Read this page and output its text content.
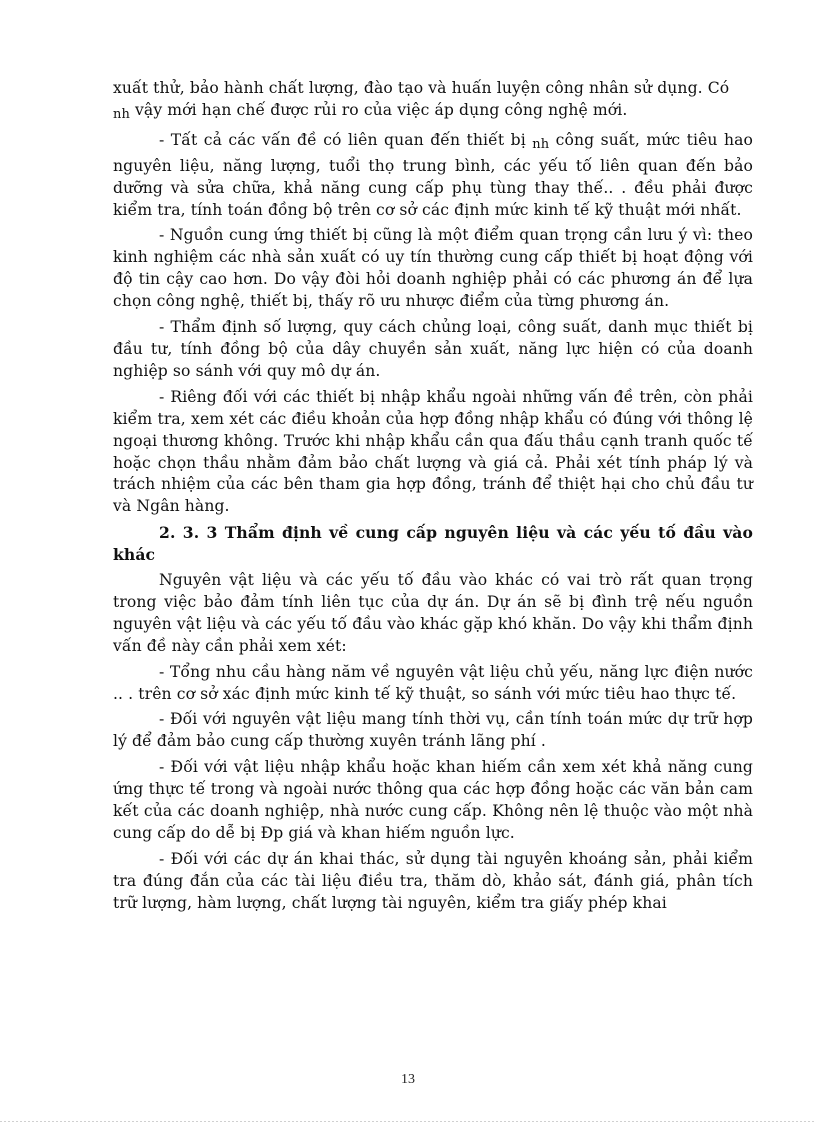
xuất thử, bảo hành chất lượng, đào tạo và huấn luyện công nhân sử dụng. Có
nh vậy mới hạn chế được rủi ro của việc áp dụng công nghệ mới.

- Tất cả các vấn đề có liên quan đến thiết bị nh công suất, mức tiêu hao nguyên liệu, năng lượng, tuổi thọ trung bình, các yếu tố liên quan đến bảo dưỡng và sửa chữa, khả năng cung cấp phụ tùng thay thế.. . đều phải được kiểm tra, tính toán đồng bộ trên cơ sở các định mức kinh tế kỹ thuật mới nhất.

- Nguồn cung ứng thiết bị cũng là một điểm quan trọng cần lưu ý vì: theo kinh nghiệm các nhà sản xuất có uy tín thường cung cấp thiết bị hoạt động với độ tin cậy cao hơn. Do vậy đòi hỏi doanh nghiệp phải có các phương án để lựa chọn công nghệ, thiết bị, thấy rõ ưu nhược điểm của từng phương án.

- Thẩm định số lượng, quy cách chủng loại, công suất, danh mục thiết bị đầu tư, tính đồng bộ của dây chuyền sản xuất, năng lực hiện có của doanh nghiệp so sánh với quy mô dự án.

- Riêng đối với các thiết bị nhập khẩu ngoài những vấn đề trên, còn phải kiểm tra, xem xét các điều khoản của hợp đồng nhập khẩu có đúng với thông lệ ngoại thương không. Trước khi nhập khẩu cần qua đấu thầu cạnh tranh quốc tế hoặc chọn thầu nhằm đảm bảo chất lượng và giá cả. Phải xét tính pháp lý và trách nhiệm của các bên tham gia hợp đồng, tránh để thiệt hại cho chủ đầu tư và Ngân hàng.

2. 3. 3 Thẩm định về cung cấp nguyên liệu và các yếu tố đầu vào khác

Nguyên vật liệu và các yếu tố đầu vào khác có vai trò rất quan trọng trong việc bảo đảm tính liên tục của dự án. Dự án sẽ bị đình trệ nếu nguồn nguyên vật liệu và các yếu tố đầu vào khác gặp khó khăn. Do vậy khi thẩm định vấn đề này cần phải xem xét:

- Tổng nhu cầu hàng năm về nguyên vật liệu chủ yếu, năng lực điện nước .. . trên cơ sở xác định mức kinh tế kỹ thuật, so sánh với mức tiêu hao thực tế.

- Đối với nguyên vật liệu mang tính thời vụ, cần tính toán mức dự trữ hợp lý để đảm bảo cung cấp thường xuyên tránh lãng phí .

- Đối với vật liệu nhập khẩu hoặc khan hiếm cần xem xét khả năng cung ứng thực tế trong và ngoài nước thông qua các hợp đồng hoặc các văn bản cam kết của các doanh nghiệp, nhà nước cung cấp. Không nên lệ thuộc vào một nhà cung cấp do dễ bị Ðp giá và khan hiếm nguồn lực.

- Đối với các dự án khai thác, sử dụng tài nguyên khoáng sản, phải kiểm tra đúng đắn của các tài liệu điều tra, thăm dò, khảo sát, đánh giá, phân tích trữ lượng, hàm lượng, chất lượng tài nguyên, kiểm tra giấy phép khai

13
